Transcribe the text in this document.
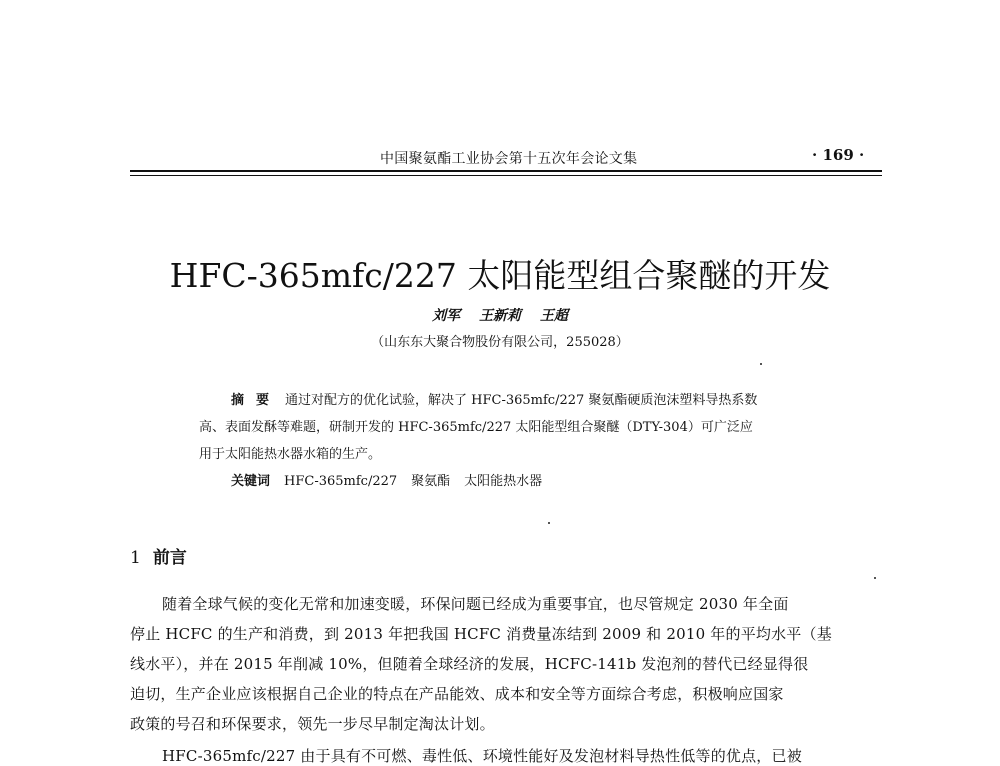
中国聚氨酯工业协会第十五次年会论文集	· 169 ·
HFC-365mfc/227 太阳能型组合聚醚的开发
刘军 王新莉 王超
（山东东大聚合物股份有限公司，255028）
摘要 通过对配方的优化试验，解决了 HFC-365mfc/227 聚氨酯硬质泡沫塑料导热系数
高、表面发酥等难题，研制开发的 HFC-365mfc/227 太阳能型组合聚醚（DTY-304）可广泛应
用于太阳能热水器水箱的生产。
关键词 HFC-365mfc/227 聚氨酯 太阳能热水器
1 前言
随着全球气候的变化无常和加速变暖，环保问题已经成为重要事宜，也尽管规定 2030 年全面
停止 HCFC 的生产和消费，到 2013 年把我国 HCFC 消费量冻结到 2009 和 2010 年的平均水平（基
线水平），并在 2015 年削减 10%，但随着全球经济的发展，HCFC-141b 发泡剂的替代已经显得很
迫切，生产企业应该根据自己企业的特点在产品能效、成本和安全等方面综合考虑，积极响应国家
政策的号召和环保要求，领先一步尽早制定淘汰计划。
HFC-365mfc/227 由于具有不可燃、毒性低、环境性能好及发泡材料导热性低等的优点，已被
